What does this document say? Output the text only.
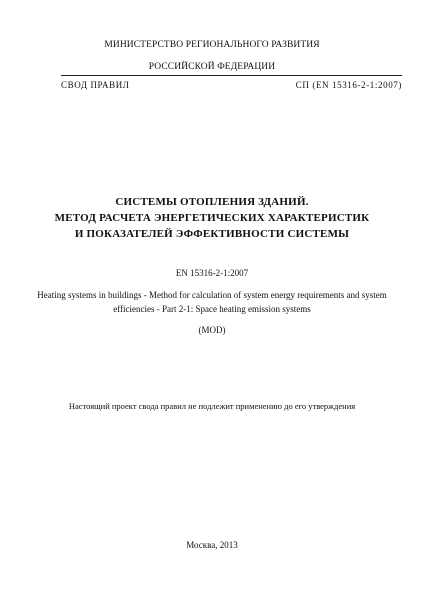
МИНИСТЕРСТВО РЕГИОНАЛЬНОГО РАЗВИТИЯ
РОССИЙСКОЙ ФЕДЕРАЦИИ
СВОД ПРАВИЛ	СП (EN 15316-2-1:2007)
СИСТЕМЫ ОТОПЛЕНИЯ ЗДАНИЙ.
МЕТОД РАСЧЕТА ЭНЕРГЕТИЧЕСКИХ ХАРАКТЕРИСТИК
И ПОКАЗАТЕЛЕЙ ЭФФЕКТИВНОСТИ СИСТЕМЫ
EN 15316-2-1:2007
Heating systems in buildings - Method for calculation of system energy requirements and system
efficiencies - Part 2-1: Space heating emission systems
(MOD)
Настоящий проект свода правил не подлежит применению до его утверждения
Москва, 2013
